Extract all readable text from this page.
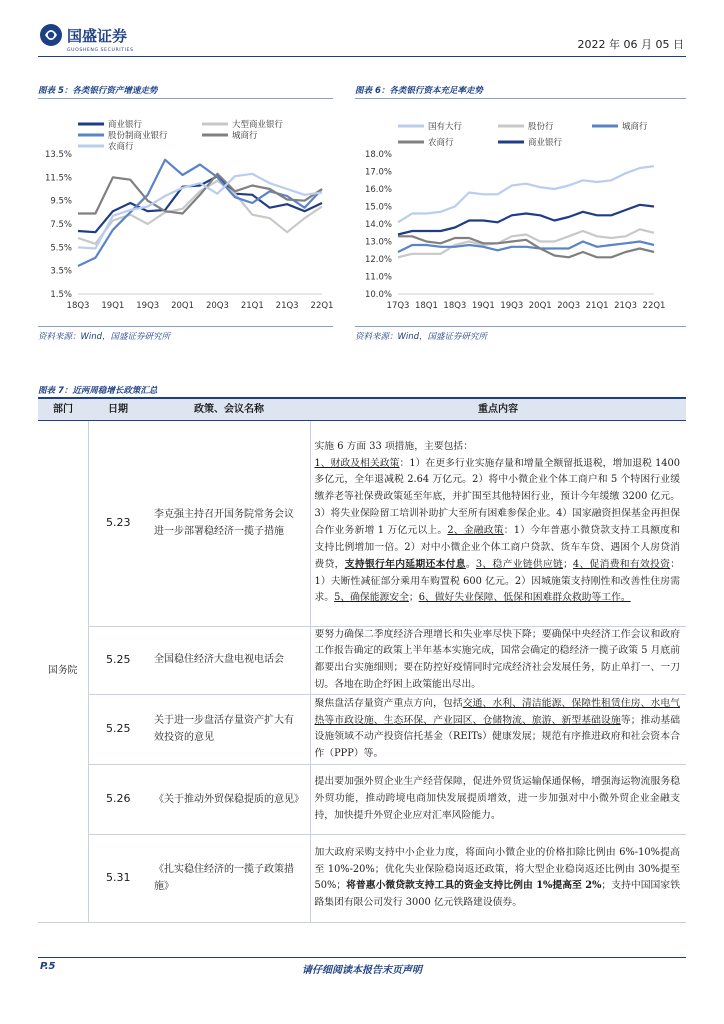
国盛证券
GUOSHENG SECURITIES	2022 年 06 月 05 日
图表 5：各类银行资产增速走势
1.5%
3.5%
5.5%
7.5%
9.5%
11.5%
13.5%
18Q3 19Q1 19Q3 20Q1 20Q3 21Q1 21Q3 22Q1
商业银行	大型商业银行
股份制商业银行	城商行
农商行
资料来源：Wind，国盛证券研究所
图表 6：各类银行资本充足率走势
10.0%
11.0%
12.0%
13.0%
14.0%
15.0%
16.0%
17.0%
18.0%
17Q3 18Q1 18Q3 19Q1 19Q3 20Q1 20Q3 21Q1 21Q3 22Q1
国有大行	股份行	城商行
农商行	商业银行
资料来源：Wind，国盛证券研究所
图表 7：近两周稳增长政策汇总
部门	日期	政策、会议名称	重点内容
国务院	5.23	李克强主持召开国务院常务会议进一步部署稳经济一揽子措施	实施 6 方面 33 项措施，主要包括：
1、财政及相关政策：1）在更多行业实施存量和增量全额留抵退税，增加退税 1400 多亿元，全年退减税 2.64 万亿元。2）将中小微企业个体工商户和 5 个特困行业缓缴养老等社保费政策延至年底，并扩围至其他特困行业，预计今年缓缴 3200 亿元。3）将失业保险留工培训补助扩大至所有困难参保企业。4）国家融资担保基金再担保合作业务新增 1 万亿元以上。2、金融政策：1）今年普惠小微贷款支持工具额度和支持比例增加一倍。2）对中小微企业个体工商户贷款、货车车贷、遇困个人房贷消费贷，支持银行年内延期还本付息。3、稳产业链供应链；4、促消费和有效投资：1）夫断性减征部分乘用车购置税 600 亿元。2）因城施策支持刚性和改善性住房需求。5、确保能源安全；6、做好失业保障、低保和困难群众救助等工作。
	5.25	全国稳住经济大盘电视电话会	要努力确保二季度经济合理增长和失业率尽快下降；要确保中央经济工作会议和政府工作报告确定的政策上半年基本实施完成，国常会确定的稳经济一揽子政策 5 月底前都要出台实施细则；要在防控好疫情同时完成经济社会发展任务，防止单打一、一刀切。各地在助企纾困上政策能出尽出。
	5.25	关于进一步盘活存量资产扩大有效投资的意见	聚焦盘活存量资产重点方向，包括交通、水利、清洁能源、保障性租赁住房、水电气热等市政设施、生态环保、产业园区、仓储物流、旅游、新型基础设施等；推动基础设施领域不动产投资信托基金（REITs）健康发展；规范有序推进政府和社会资本合作（PPP）等。
	5.26	《关于推动外贸保稳提质的意见》	提出要加强外贸企业生产经营保障，促进外贸货运输保通保畅，增强海运物流服务稳外贸功能，推动跨境电商加快发展提质增效，进一步加强对中小微外贸企业金融支持，加快提升外贸企业应对汇率风险能力。
	5.31	《扎实稳住经济的一揽子政策措施》	加大政府采购支持中小企业力度，将面向小微企业的价格扣除比例由 6%-10%提高至 10%-20%；优化失业保险稳岗返还政策，将大型企业稳岗返还比例由 30%提至 50%；将普惠小微贷款支持工具的资金支持比例由 1%提高至 2%；支持中国国家铁路集团有限公司发行 3000 亿元铁路建设债券。
P.5	请仔细阅读本报告末页声明
